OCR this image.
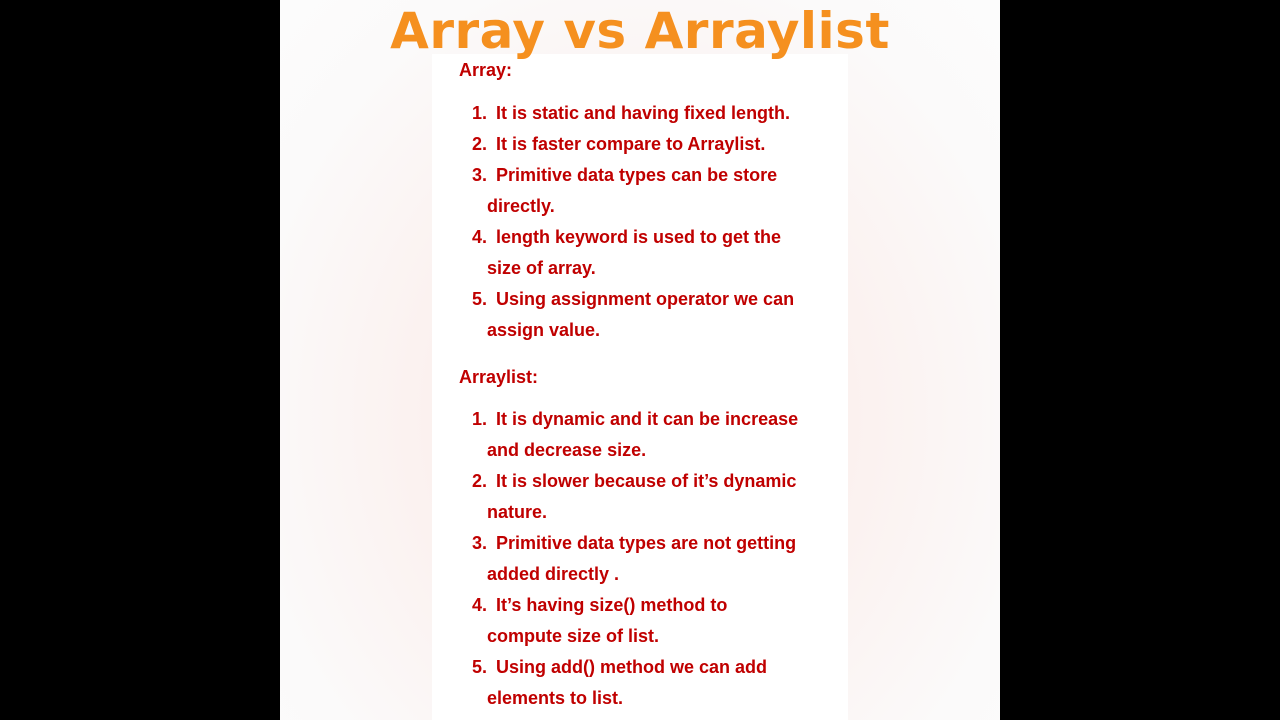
Array vs Arraylist
Array:
1. It is static and having fixed length.
2. It is faster compare to Arraylist.
3. Primitive data types can be store
directly.
4. length keyword is used to get the
size of array.
5. Using assignment operator we can
assign value.
Arraylist:
1. It is dynamic and it can be increase
and decrease size.
2. It is slower because of it’s dynamic
nature.
3. Primitive data types are not getting
added directly .
4. It’s having size() method to
compute size of list.
5. Using add() method we can add
elements to list.
